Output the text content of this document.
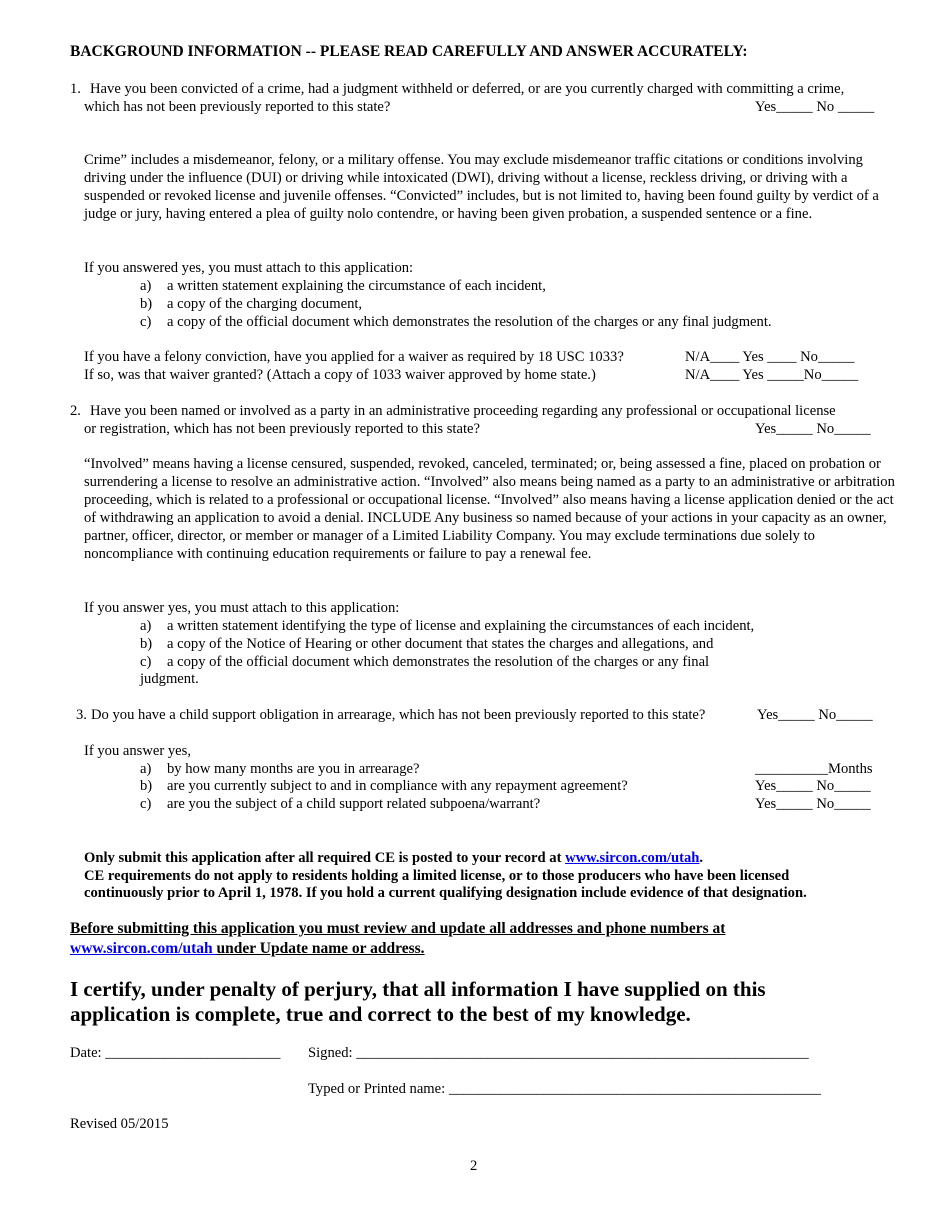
BACKGROUND INFORMATION -- PLEASE READ CAREFULLY AND ANSWER ACCURATELY:
1. Have you been convicted of a crime, had a judgment withheld or deferred, or are you currently charged with committing a crime,
which has not been previously reported to this state?	Yes_____ No _____
Crime” includes a misdemeanor, felony, or a military offense. You may exclude misdemeanor traffic citations or conditions involving driving under the influence (DUI) or driving while intoxicated (DWI), driving without a license, reckless driving, or driving with a suspended or revoked license and juvenile offenses. “Convicted” includes, but is not limited to, having been found guilty by verdict of a judge or jury, having entered a plea of guilty nolo contendre, or having been given probation, a suspended sentence or a fine.
If you answered yes, you must attach to this application:
a) a written statement explaining the circumstance of each incident,
b) a copy of the charging document,
c) a copy of the official document which demonstrates the resolution of the charges or any final judgment.
If you have a felony conviction, have you applied for a waiver as required by 18 USC 1033?	N/A____ Yes ____ No_____
If so, was that waiver granted? (Attach a copy of 1033 waiver approved by home state.)	N/A____ Yes _____No_____
2. Have you been named or involved as a party in an administrative proceeding regarding any professional or occupational license
or registration, which has not been previously reported to this state?	Yes_____ No_____
“Involved” means having a license censured, suspended, revoked, canceled, terminated; or, being assessed a fine, placed on probation or surrendering a license to resolve an administrative action. “Involved” also means being named as a party to an administrative or arbitration proceeding, which is related to a professional or occupational license. “Involved” also means having a license application denied or the act of withdrawing an application to avoid a denial. INCLUDE Any business so named because of your actions in your capacity as an owner, partner, officer, director, or member or manager of a Limited Liability Company. You may exclude terminations due solely to noncompliance with continuing education requirements or failure to pay a renewal fee.
If you answer yes, you must attach to this application:
a) a written statement identifying the type of license and explaining the circumstances of each incident,
b) a copy of the Notice of Hearing or other document that states the charges and allegations, and
c) a copy of the official document which demonstrates the resolution of the charges or any final
judgment.
3. Do you have a child support obligation in arrearage, which has not been previously reported to this state?	Yes_____ No_____
If you answer yes,
a) by how many months are you in arrearage?	__________Months
b) are you currently subject to and in compliance with any repayment agreement?	Yes_____ No_____
c) are you the subject of a child support related subpoena/warrant?	Yes_____ No_____
Only submit this application after all required CE is posted to your record at www.sircon.com/utah.
CE requirements do not apply to residents holding a limited license, or to those producers who have been licensed
continuously prior to April 1, 1978. If you hold a current qualifying designation include evidence of that designation.
Before submitting this application you must review and update all addresses and phone numbers at
www.sircon.com/utah under Update name or address.
I certify, under penalty of perjury, that all information I have supplied on this
application is complete, true and correct to the best of my knowledge.
Date: ________________________ Signed: ______________________________________________________________
Typed or Printed name: ___________________________________________________
Revised 05/2015
2
